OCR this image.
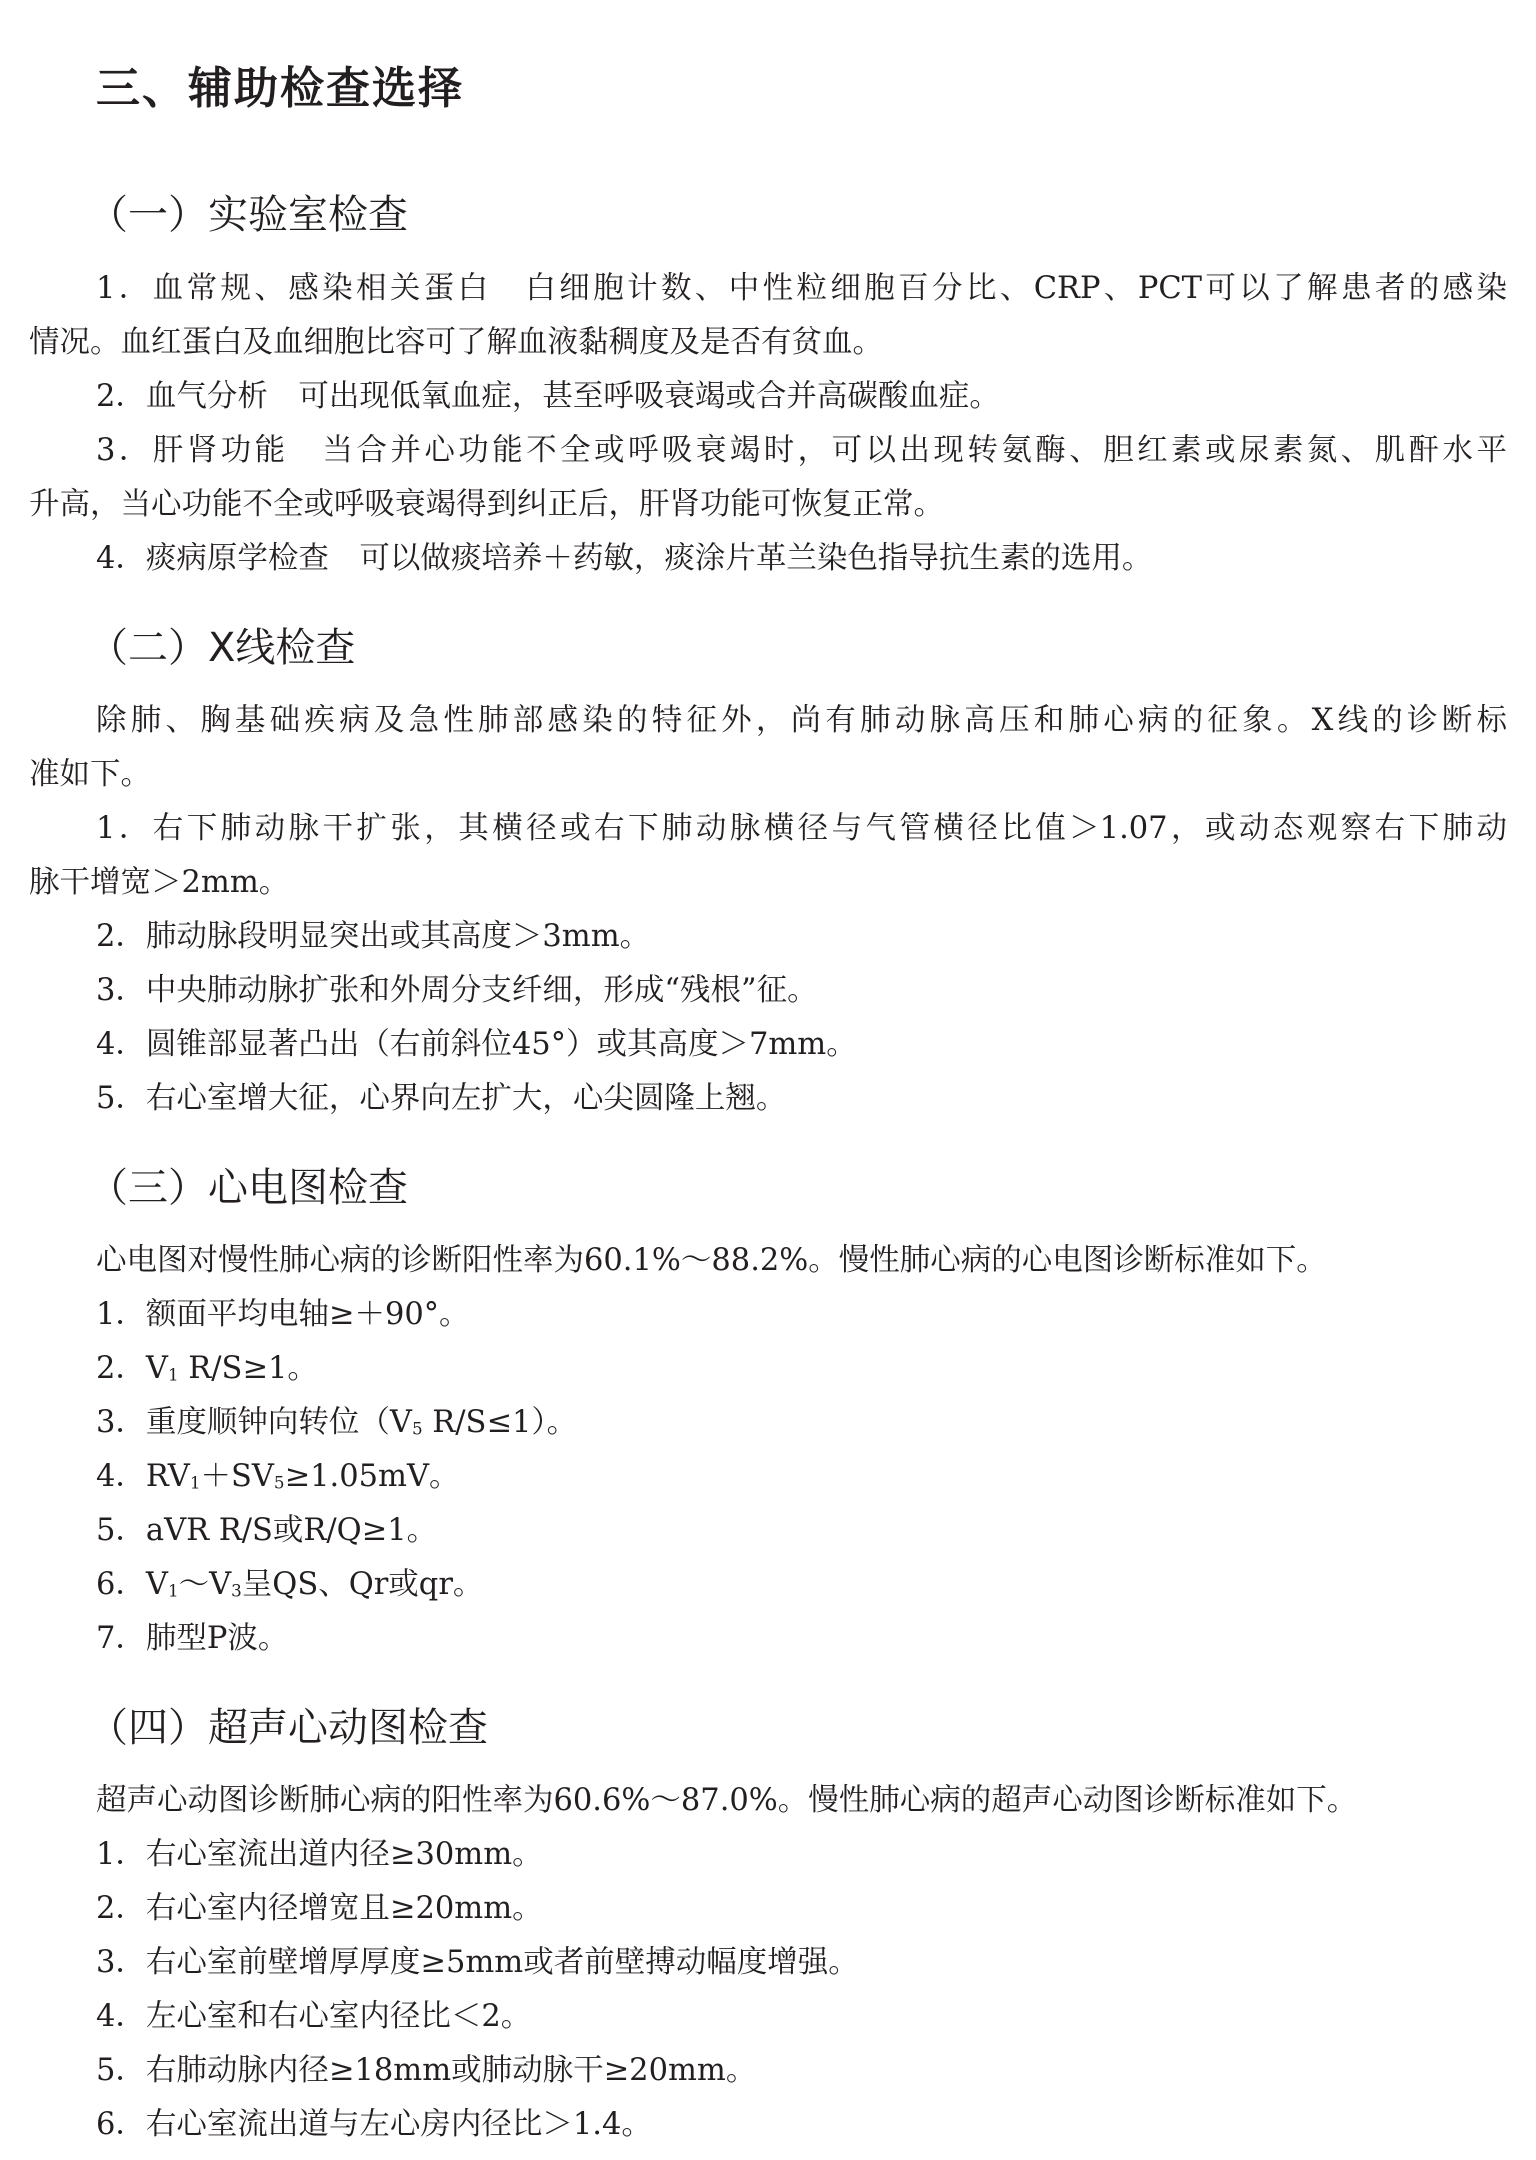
三、辅助检查选择
（一）实验室检查
1．血常规、感染相关蛋白　白细胞计数、中性粒细胞百分比、CRP、PCT可以了解患者的感染
情况。血红蛋白及血细胞比容可了解血液黏稠度及是否有贫血。
2．血气分析　可出现低氧血症，甚至呼吸衰竭或合并高碳酸血症。
3．肝肾功能　当合并心功能不全或呼吸衰竭时，可以出现转氨酶、胆红素或尿素氮、肌酐水平
升高，当心功能不全或呼吸衰竭得到纠正后，肝肾功能可恢复正常。
4．痰病原学检查　可以做痰培养＋药敏，痰涂片革兰染色指导抗生素的选用。
（二）X线检查
除肺、胸基础疾病及急性肺部感染的特征外，尚有肺动脉高压和肺心病的征象。X线的诊断标
准如下。
1．右下肺动脉干扩张，其横径或右下肺动脉横径与气管横径比值＞1.07，或动态观察右下肺动
脉干增宽＞2mm。
2．肺动脉段明显突出或其高度＞3mm。
3．中央肺动脉扩张和外周分支纤细，形成“残根”征。
4．圆锥部显著凸出（右前斜位45°）或其高度＞7mm。
5．右心室增大征，心界向左扩大，心尖圆隆上翘。
（三）心电图检查
心电图对慢性肺心病的诊断阳性率为60.1%～88.2%。慢性肺心病的心电图诊断标准如下。
1．额面平均电轴≥＋90°。
2．$V_1$ R/S≥1。
3．重度顺钟向转位（$V_5$ R/S≤1）。
4．$RV_1+SV_5\ge 1.05mV$。
5．aVR R/S或R/Q≥1。
6．$V_1\sim V_3$呈QS、Qr或qr。
7．肺型P波。
（四）超声心动图检查
超声心动图诊断肺心病的阳性率为60.6%～87.0%。慢性肺心病的超声心动图诊断标准如下。
1．右心室流出道内径≥30mm。
2．右心室内径增宽且≥20mm。
3．右心室前壁增厚厚度≥5mm或者前壁搏动幅度增强。
4．左心室和右心室内径比＜2。
5．右肺动脉内径≥18mm或肺动脉干≥20mm。
6．右心室流出道与左心房内径比＞1.4。
